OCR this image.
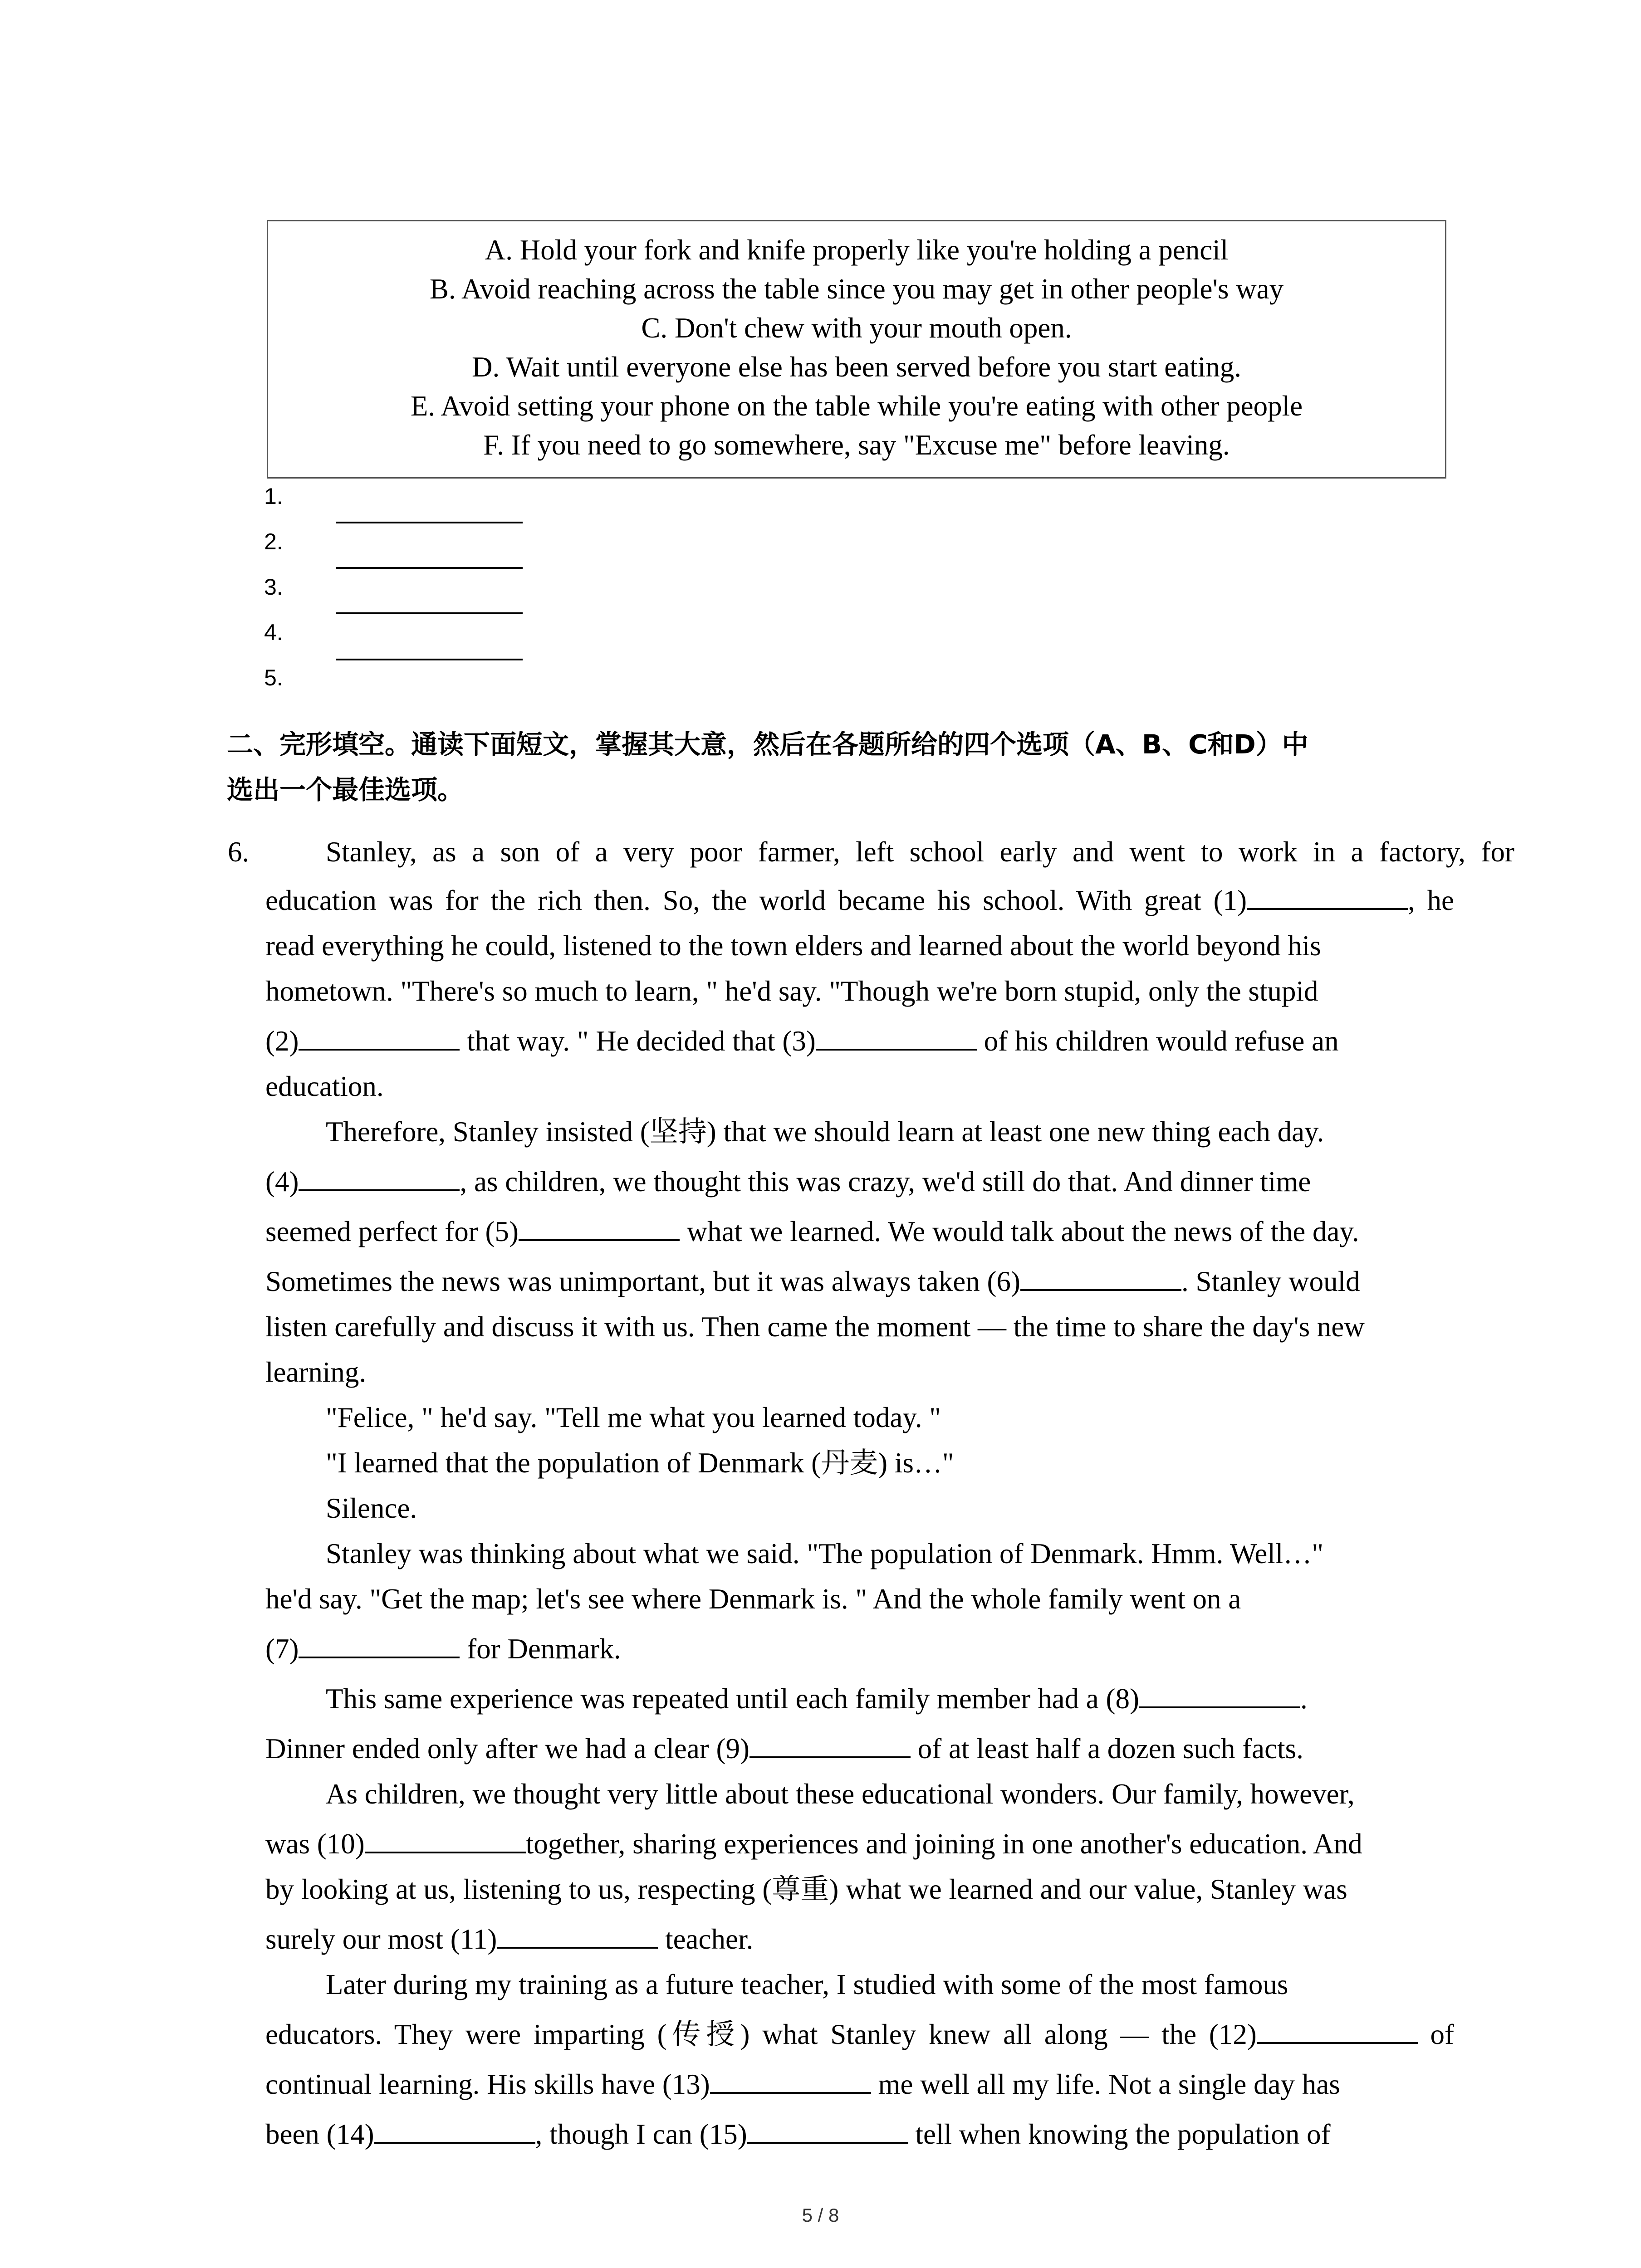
A. Hold your fork and knife properly like you're holding a pencil
B. Avoid reaching across the table since you may get in other people's way
C. Don't chew with your mouth open.
D. Wait until everyone else has been served before you start eating.
E. Avoid setting your phone on the table while you're eating with other people
F. If you need to go somewhere, say "Excuse me" before leaving.
1.
2.
3.
4.
5.
二、完形填空。通读下面短文，掌握其大意，然后在各题所给的四个选项（A、B、C和D）中
选出一个最佳选项。
6.	Stanley, as a son of a very poor farmer, left school early and went to work in a factory, for
education was for the rich then. So, the world became his school. With great (1)	, he
read everything he could, listened to the town elders and learned about the world beyond his
hometown. "There's so much to learn, " he'd say. "Though we're born stupid, only the stupid
(2)	that way. " He decided that (3)	of his children would refuse an
education.
Therefore, Stanley insisted (坚持) that we should learn at least one new thing each day.
(4)	, as children, we thought this was crazy, we'd still do that. And dinner time
seemed perfect for (5)	what we learned. We would talk about the news of the day.
Sometimes the news was unimportant, but it was always taken (6)	. Stanley would
listen carefully and discuss it with us. Then came the moment — the time to share the day's new
learning.
"Felice, " he'd say. "Tell me what you learned today. "
"I learned that the population of Denmark (丹麦) is…"
Silence.
Stanley was thinking about what we said. "The population of Denmark. Hmm. Well…"
he'd say. "Get the map; let's see where Denmark is. " And the whole family went on a
(7)	for Denmark.
This same experience was repeated until each family member had a (8)	.
Dinner ended only after we had a clear (9)	of at least half a dozen such facts.
As children, we thought very little about these educational wonders. Our family, however,
was (10)	together, sharing experiences and joining in one another's education. And
by looking at us, listening to us, respecting (尊重) what we learned and our value, Stanley was
surely our most (11)	teacher.
Later during my training as a future teacher, I studied with some of the most famous
educators. They were imparting (传授) what Stanley knew all along — the (12)	of
continual learning. His skills have (13)	me well all my life. Not a single day has
been (14)	, though I can (15)	tell when knowing the population of
5 / 8
